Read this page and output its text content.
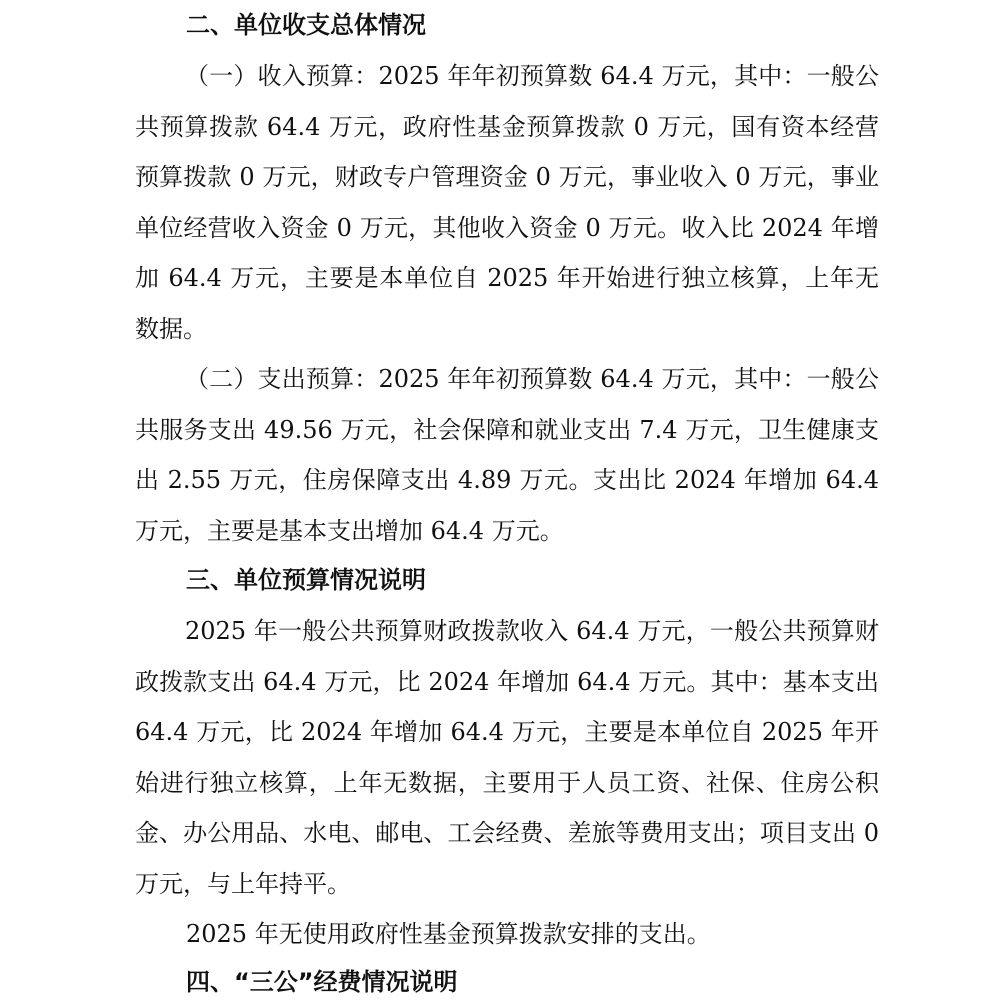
二、单位收支总体情况

（一）收入预算：2025 年年初预算数 64.4 万元，其中：一般公共预算拨款 64.4 万元，政府性基金预算拨款 0 万元，国有资本经营预算拨款 0 万元，财政专户管理资金 0 万元，事业收入 0 万元，事业单位经营收入资金 0 万元，其他收入资金 0 万元。收入比 2024 年增加 64.4 万元，主要是本单位自 2025 年开始进行独立核算，上年无数据。

（二）支出预算：2025 年年初预算数 64.4 万元，其中：一般公共服务支出 49.56 万元，社会保障和就业支出 7.4 万元，卫生健康支出 2.55 万元，住房保障支出 4.89 万元。支出比 2024 年增加 64.4 万元，主要是基本支出增加 64.4 万元。

三、单位预算情况说明

2025 年一般公共预算财政拨款收入 64.4 万元，一般公共预算财政拨款支出 64.4 万元，比 2024 年增加 64.4 万元。其中：基本支出 64.4 万元，比 2024 年增加 64.4 万元，主要是本单位自 2025 年开始进行独立核算，上年无数据，主要用于人员工资、社保、住房公积金、办公用品、水电、邮电、工会经费、差旅等费用支出；项目支出 0 万元，与上年持平。

2025 年无使用政府性基金预算拨款安排的支出。

四、“三公”经费情况说明
